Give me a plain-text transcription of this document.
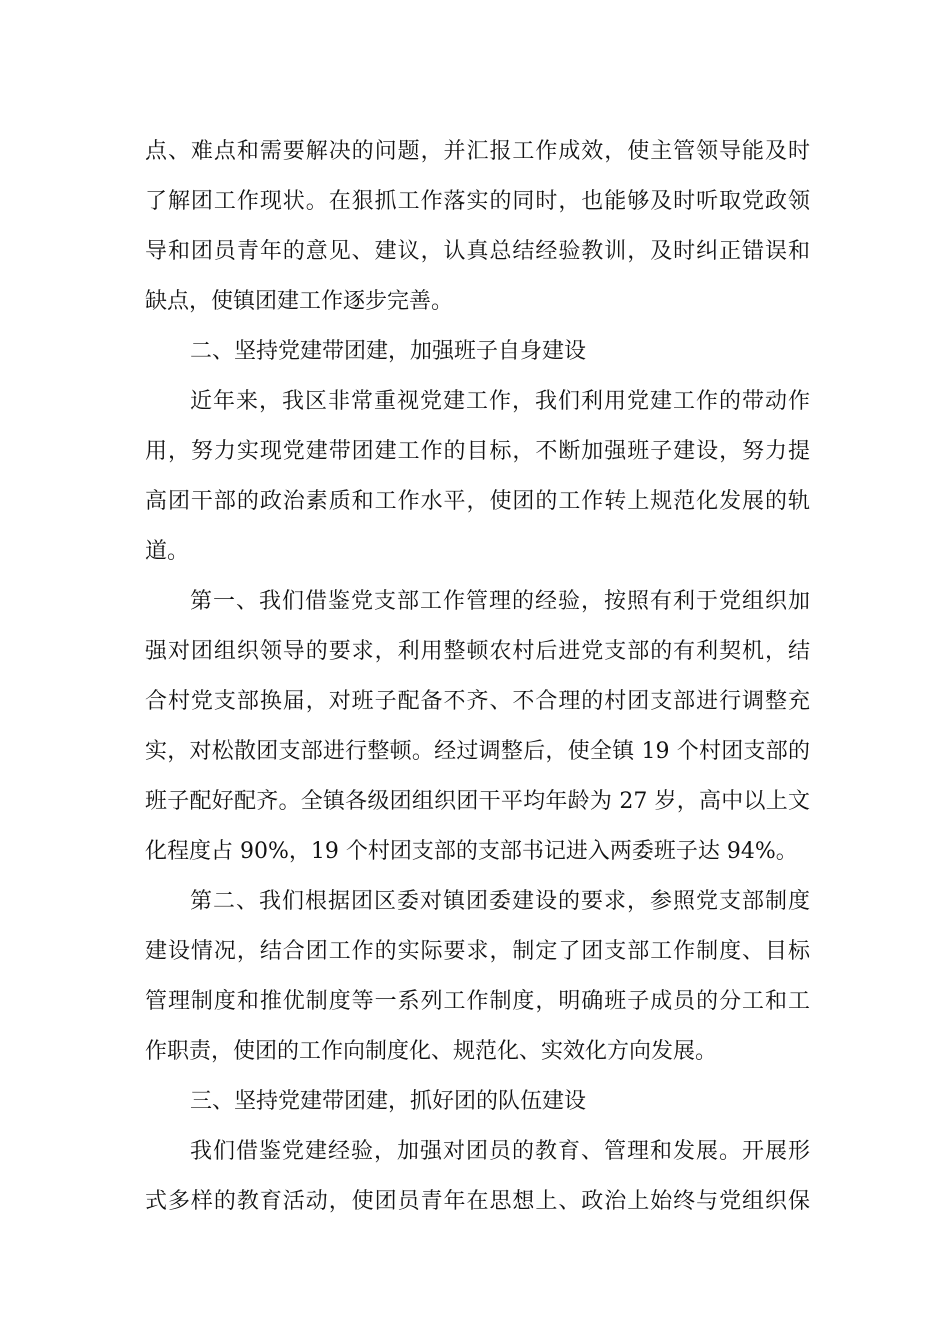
点、难点和需要解决的问题，并汇报工作成效，使主管领导能及时
了解团工作现状。在狠抓工作落实的同时，也能够及时听取党政领
导和团员青年的意见、建议，认真总结经验教训，及时纠正错误和
缺点，使镇团建工作逐步完善。
二、坚持党建带团建，加强班子自身建设
近年来，我区非常重视党建工作，我们利用党建工作的带动作
用，努力实现党建带团建工作的目标，不断加强班子建设，努力提
高团干部的政治素质和工作水平，使团的工作转上规范化发展的轨
道。
第一、我们借鉴党支部工作管理的经验，按照有利于党组织加
强对团组织领导的要求，利用整顿农村后进党支部的有利契机，结
合村党支部换届，对班子配备不齐、不合理的村团支部进行调整充
实，对松散团支部进行整顿。经过调整后，使全镇 19 个村团支部的
班子配好配齐。全镇各级团组织团干平均年龄为 27 岁，高中以上文
化程度占 90%，19 个村团支部的支部书记进入两委班子达 94%。
第二、我们根据团区委对镇团委建设的要求，参照党支部制度
建设情况，结合团工作的实际要求，制定了团支部工作制度、目标
管理制度和推优制度等一系列工作制度，明确班子成员的分工和工
作职责，使团的工作向制度化、规范化、实效化方向发展。
三、坚持党建带团建，抓好团的队伍建设
我们借鉴党建经验，加强对团员的教育、管理和发展。开展形
式多样的教育活动，使团员青年在思想上、政治上始终与党组织保
